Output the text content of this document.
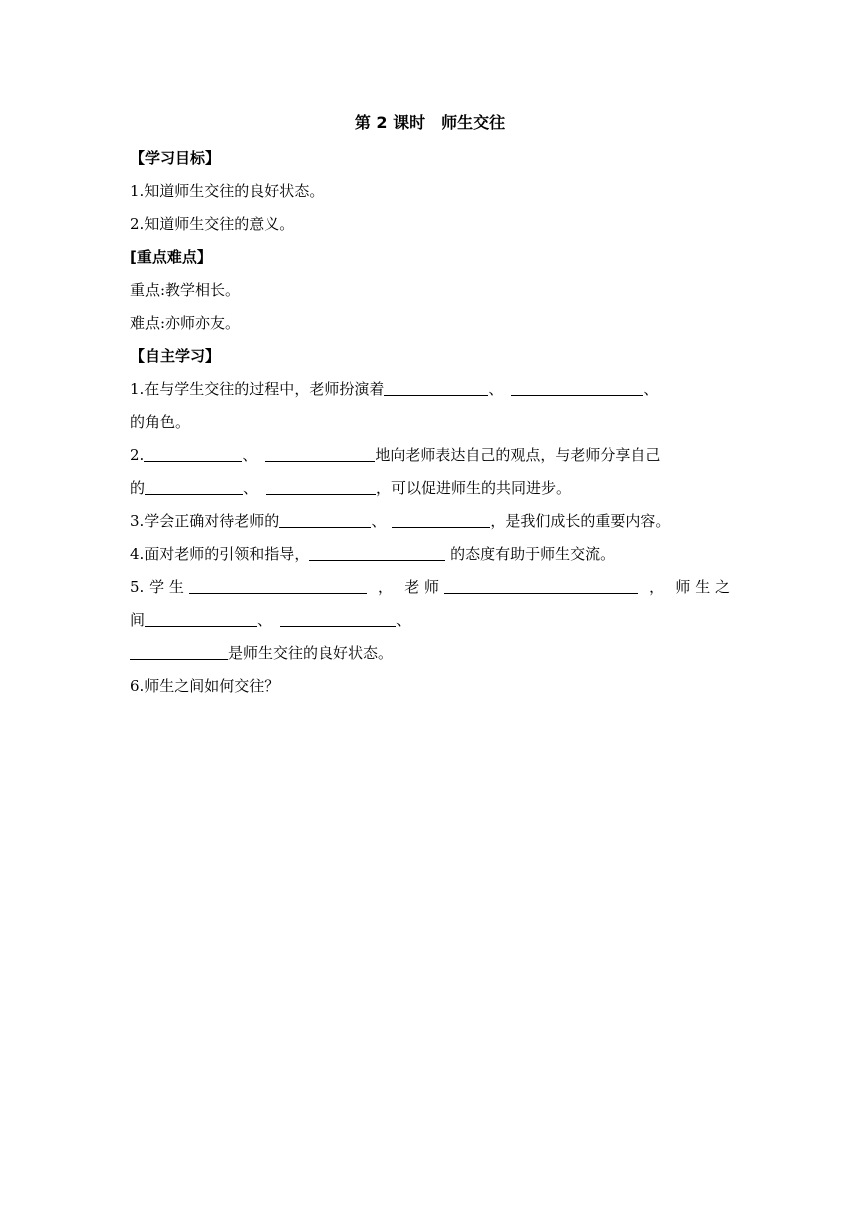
第 2 课时 师生交往
【学习目标】
1.知道师生交往的良好状态。
2.知道师生交往的意义。
[重点难点】
重点:教学相长。
难点:亦师亦友。
【自主学习】
1.在与学生交往的过程中，老师扮演着	、	、
的角色。
2.	、	地向老师表达自己的观点，与老师分享自己
的	、	，可以促进师生的共同进步。
3.学会正确对待老师的	、	，是我们成长的重要内容。
4.面对老师的引领和指导，	的态度有助于师生交流。
5. 学 生	， 老 师	， 师 生 之
间	、	、
是师生交往的良好状态。
6.师生之间如何交往？
